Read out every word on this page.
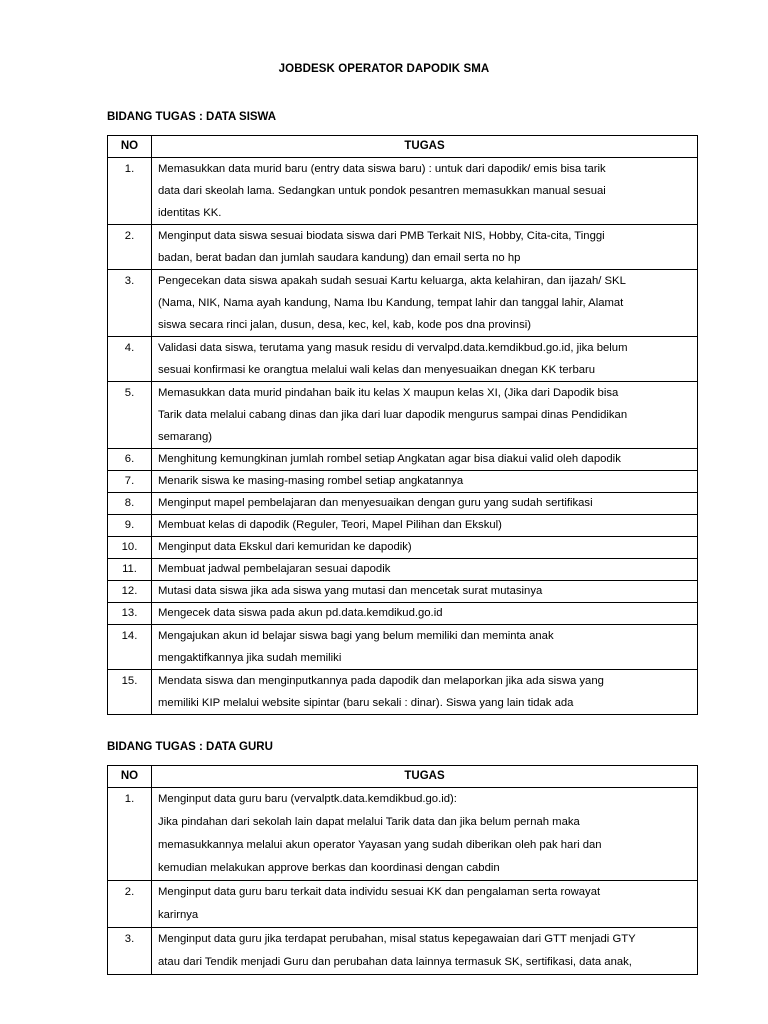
JOBDESK OPERATOR DAPODIK SMA
BIDANG TUGAS : DATA SISWA
NO	TUGAS

1.	Memasukkan data murid baru (entry data siswa baru) : untuk dari dapodik/ emis bisa tarik
data dari skeolah lama. Sedangkan untuk pondok pesantren memasukkan manual sesuai
identitas KK.

2.	Menginput data siswa sesuai biodata siswa dari PMB Terkait NIS, Hobby, Cita-cita, Tinggi
badan, berat badan dan jumlah saudara kandung) dan email serta no hp

3.	Pengecekan data siswa apakah sudah sesuai Kartu keluarga, akta kelahiran, dan ijazah/ SKL
(Nama, NIK, Nama ayah kandung, Nama Ibu Kandung, tempat lahir dan tanggal lahir, Alamat
siswa secara rinci jalan, dusun, desa, kec, kel, kab, kode pos dna provinsi)

4.	Validasi data siswa, terutama yang masuk residu di vervalpd.data.kemdikbud.go.id, jika belum
sesuai konfirmasi ke orangtua melalui wali kelas dan menyesuaikan dnegan KK terbaru

5.	Memasukkan data murid pindahan baik itu kelas X maupun kelas XI, (Jika dari Dapodik bisa
Tarik data melalui cabang dinas dan jika dari luar dapodik mengurus sampai dinas Pendidikan
semarang)

6.	Menghitung kemungkinan jumlah rombel setiap Angkatan agar bisa diakui valid oleh dapodik

7.	Menarik siswa ke masing-masing rombel setiap angkatannya

8.	Menginput mapel pembelajaran dan menyesuaikan dengan guru yang sudah sertifikasi

9.	Membuat kelas di dapodik (Reguler, Teori, Mapel Pilihan dan Ekskul)

10.	Menginput data Ekskul dari kemuridan ke dapodik)

11.	Membuat jadwal pembelajaran sesuai dapodik

12.	Mutasi data siswa jika ada siswa yang mutasi dan mencetak surat mutasinya

13.	Mengecek data siswa pada akun pd.data.kemdikud.go.id

14.	Mengajukan akun id belajar siswa bagi yang belum memiliki dan meminta anak
mengaktifkannya jika sudah memiliki

15.	Mendata siswa dan menginputkannya pada dapodik dan melaporkan jika ada siswa yang
memiliki KIP melalui website sipintar (baru sekali : dinar). Siswa yang lain tidak ada
BIDANG TUGAS : DATA GURU
NO	TUGAS

1.	Menginput data guru baru (vervalptk.data.kemdikbud.go.id):
Jika pindahan dari sekolah lain dapat melalui Tarik data dan jika belum pernah maka
memasukkannya melalui akun operator Yayasan yang sudah diberikan oleh pak hari dan
kemudian melakukan approve berkas dan koordinasi dengan cabdin

2.	Menginput data guru baru terkait data individu sesuai KK dan pengalaman serta rowayat
karirnya

3.	Menginput data guru jika terdapat perubahan, misal status kepegawaian dari GTT menjadi GTY
atau dari Tendik menjadi Guru dan perubahan data lainnya termasuk SK, sertifikasi, data anak,
